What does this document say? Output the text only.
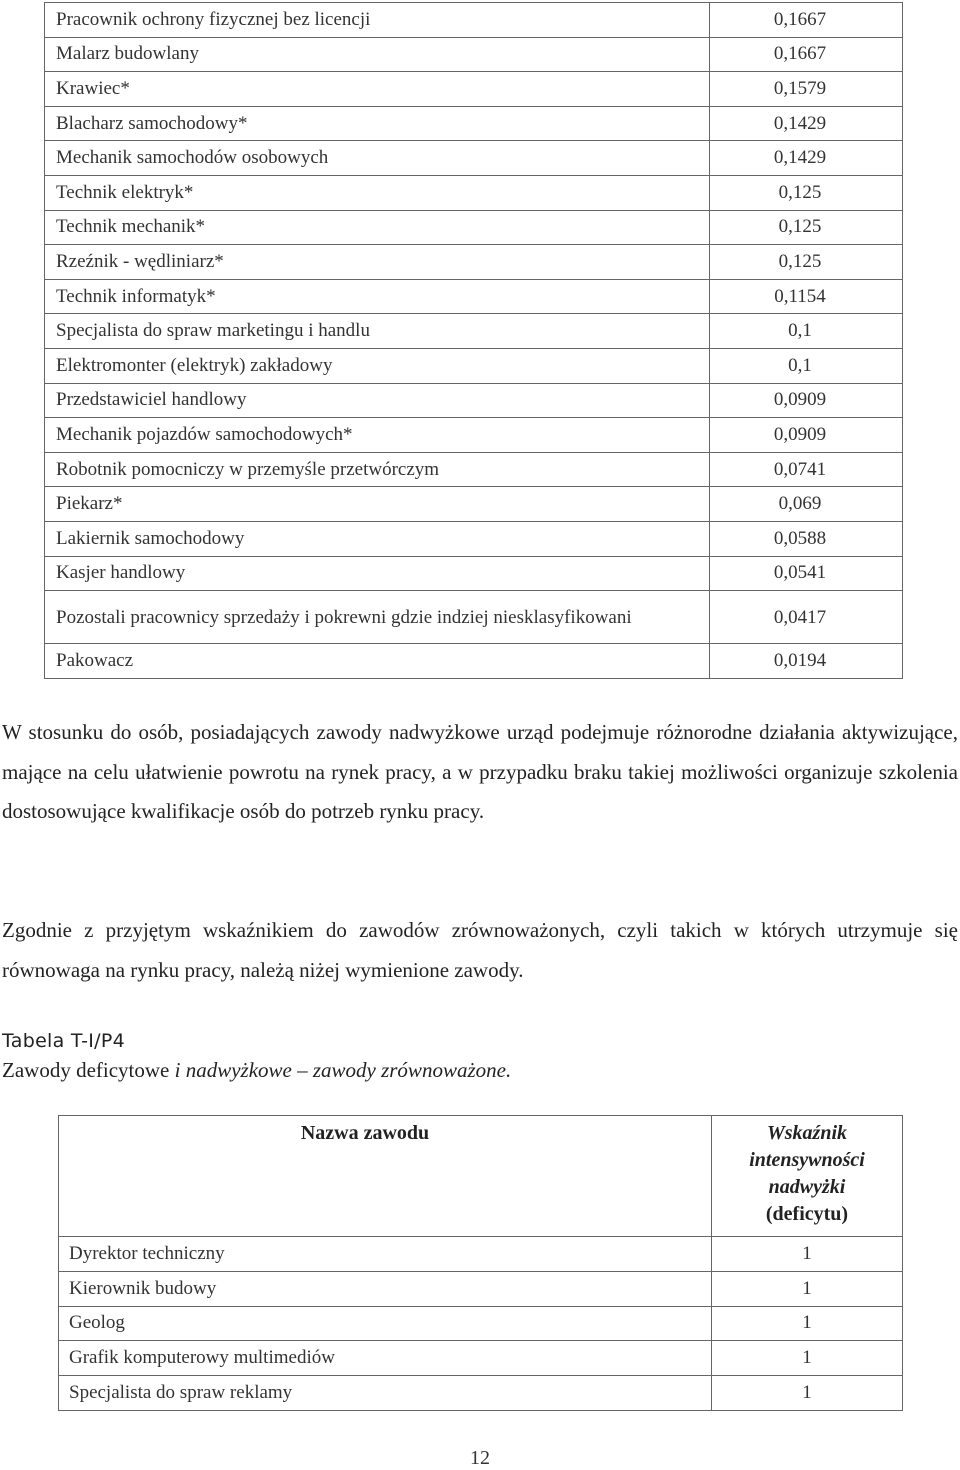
Pracownik ochrony fizycznej bez licencji	0,1667
Malarz budowlany	0,1667
Krawiec*	0,1579
Blacharz samochodowy*	0,1429
Mechanik samochodów osobowych	0,1429
Technik elektryk*	0,125
Technik mechanik*	0,125
Rzeźnik - wędliniarz*	0,125
Technik informatyk*	0,1154
Specjalista do spraw marketingu i handlu	0,1
Elektromonter (elektryk) zakładowy	0,1
Przedstawiciel handlowy	0,0909
Mechanik pojazdów samochodowych*	0,0909
Robotnik pomocniczy w przemyśle przetwórczym	0,0741
Piekarz*	0,069
Lakiernik samochodowy	0,0588
Kasjer handlowy	0,0541
Pozostali pracownicy sprzedaży i pokrewni gdzie indziej niesklasyfikowani	0,0417
Pakowacz	0,0194

W stosunku do osób, posiadających zawody nadwyżkowe urząd podejmuje różnorodne działania aktywizujące, mające na celu ułatwienie powrotu na rynek pracy, a w przypadku braku takiej możliwości organizuje szkolenia dostosowujące kwalifikacje osób do potrzeb rynku pracy.

Zgodnie z przyjętym wskaźnikiem do zawodów zrównoważonych, czyli takich w których utrzymuje się równowaga na rynku pracy, należą niżej wymienione zawody.

Tabela T-I/P4
Zawody deficytowe i nadwyżkowe – zawody zrównoważone.
Nazwa zawodu	Wskaźnik
intensywności
nadwyżki
(deficytu)

Dyrektor techniczny	1
Kierownik budowy	1
Geolog	1
Grafik komputerowy multimediów	1
Specjalista do spraw reklamy	1
12
